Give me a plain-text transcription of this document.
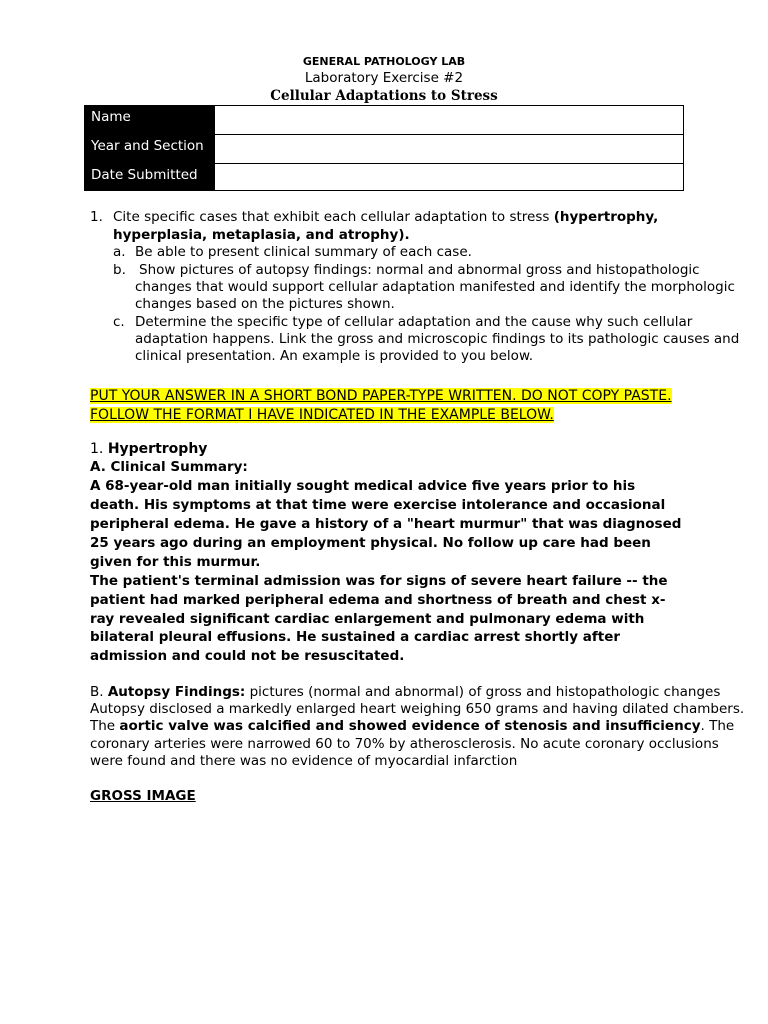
GENERAL PATHOLOGY LAB
Laboratory Exercise #2
Cellular Adaptations to Stress
Name
Year and Section
Date Submitted
1. Cite specific cases that exhibit each cellular adaptation to stress (hypertrophy,
hyperplasia, metaplasia, and atrophy).
a. Be able to present clinical summary of each case.
b. Show pictures of autopsy findings: normal and abnormal gross and histopathologic
changes that would support cellular adaptation manifested and identify the morphologic
changes based on the pictures shown.
c. Determine the specific type of cellular adaptation and the cause why such cellular
adaptation happens. Link the gross and microscopic findings to its pathologic causes and
clinical presentation. An example is provided to you below.
PUT YOUR ANSWER IN A SHORT BOND PAPER-TYPE WRITTEN. DO NOT COPY PASTE.
FOLLOW THE FORMAT I HAVE INDICATED IN THE EXAMPLE BELOW.
1. Hypertrophy
A. Clinical Summary:
A 68-year-old man initially sought medical advice five years prior to his
death. His symptoms at that time were exercise intolerance and occasional
peripheral edema. He gave a history of a "heart murmur" that was diagnosed
25 years ago during an employment physical. No follow up care had been
given for this murmur.
The patient's terminal admission was for signs of severe heart failure -- the
patient had marked peripheral edema and shortness of breath and chest x-
ray revealed significant cardiac enlargement and pulmonary edema with
bilateral pleural effusions. He sustained a cardiac arrest shortly after
admission and could not be resuscitated.
B. Autopsy Findings: pictures (normal and abnormal) of gross and histopathologic changes
Autopsy disclosed a markedly enlarged heart weighing 650 grams and having dilated chambers.
The aortic valve was calcified and showed evidence of stenosis and insufficiency. The
coronary arteries were narrowed 60 to 70% by atherosclerosis. No acute coronary occlusions
were found and there was no evidence of myocardial infarction
GROSS IMAGE
